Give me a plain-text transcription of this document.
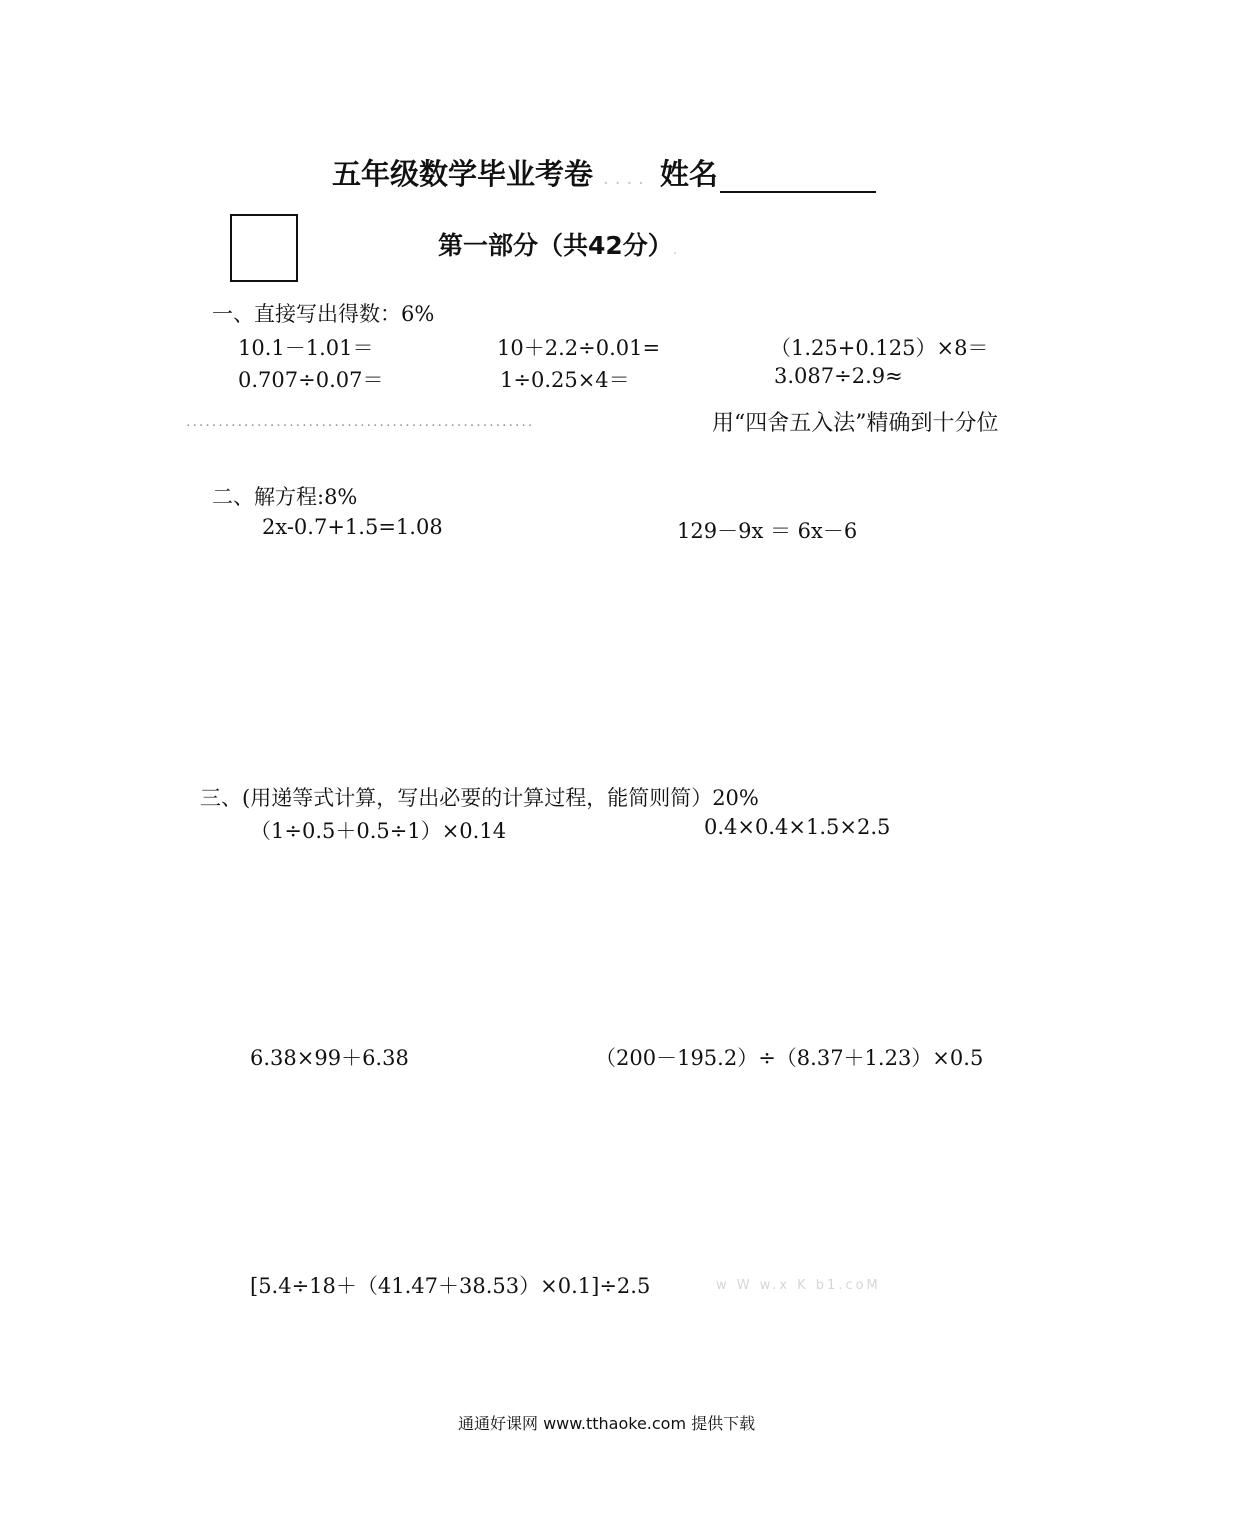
五年级数学毕业考卷 .... 姓名
第一部分（共42分）.
一、直接写出得数：6%
10.1－1.01＝	10＋2.2÷0.01=	（1.25+0.125）×8＝
0.707÷0.07＝	1÷0.25×4＝	3.087÷2.9≈
......................................................	用“四舍五入法”精确到十分位
二、解方程:8%
2x-0.7+1.5=1.08	129－9x ＝ 6x－6
三、(用递等式计算，写出必要的计算过程，能简则简）20%
（1÷0.5＋0.5÷1）×0.14	0.4×0.4×1.5×2.5
6.38×99＋6.38	（200－195.2）÷（8.37＋1.23）×0.5
[5.4÷18＋（41.47＋38.53）×0.1]÷2.5	w W w.x K b1.coM
通通好课网 www.tthaoke.com 提供下载
